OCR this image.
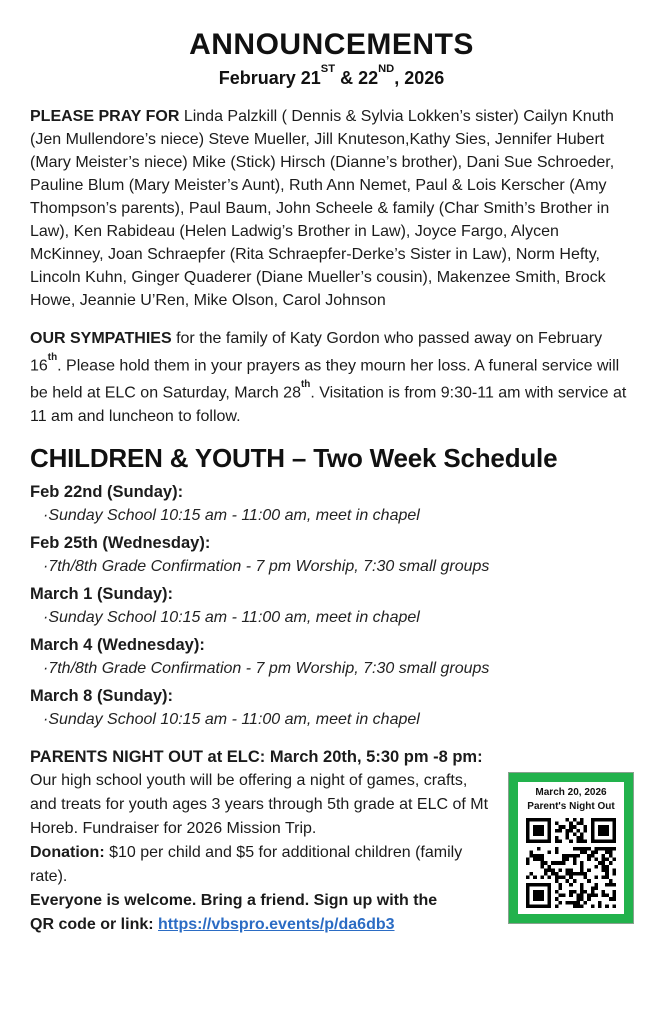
ANNOUNCEMENTS
February 21ST & 22ND, 2026

PLEASE PRAY FOR Linda Palzkill ( Dennis & Sylvia Lokken’s sister) Cailyn Knuth (Jen Mullendore’s niece) Steve Mueller, Jill Knuteson,Kathy Sies, Jennifer Hubert (Mary Meister’s niece) Mike (Stick) Hirsch (Dianne’s brother), Dani Sue Schroeder, Pauline Blum (Mary Meister’s Aunt), Ruth Ann Nemet, Paul & Lois Kerscher (Amy Thompson’s parents), Paul Baum, John Scheele & family (Char Smith’s Brother in Law), Ken Rabideau (Helen Ladwig’s Brother in Law), Joyce Fargo, Alycen McKinney, Joan Schraepfer (Rita Schraepfer-Derke’s Sister in Law), Norm Hefty, Lincoln Kuhn, Ginger Quaderer (Diane Mueller’s cousin), Makenzee Smith, Brock Howe, Jeannie U’Ren, Mike Olson, Carol Johnson

OUR SYMPATHIES for the family of Katy Gordon who passed away on February 16th. Please hold them in your prayers as they mourn her loss. A funeral service will be held at ELC on Saturday, March 28th. Visitation is from 9:30-11 am with service at 11 am and luncheon to follow.

CHILDREN & YOUTH – Two Week Schedule
Feb 22nd (Sunday):
·Sunday School 10:15 am - 11:00 am, meet in chapel
Feb 25th (Wednesday):
·7th/8th Grade Confirmation - 7 pm Worship, 7:30 small groups
March 1 (Sunday):
·Sunday School 10:15 am - 11:00 am, meet in chapel
March 4 (Wednesday):
·7th/8th Grade Confirmation - 7 pm Worship, 7:30 small groups
March 8 (Sunday):
·Sunday School 10:15 am - 11:00 am, meet in chapel
PARENTS NIGHT OUT at ELC: March 20th, 5:30 pm -8 pm:
March 20, 2026
Parent's Night Out
Our high school youth will be offering a night of games, crafts, and treats for youth ages 3 years through 5th grade at ELC of Mt Horeb. Fundraiser for 2026 Mission Trip.
Donation: $10 per child and $5 for additional children (family rate).
Everyone is welcome. Bring a friend. Sign up with the
QR code or link: https://vbspro.events/p/da6db3
